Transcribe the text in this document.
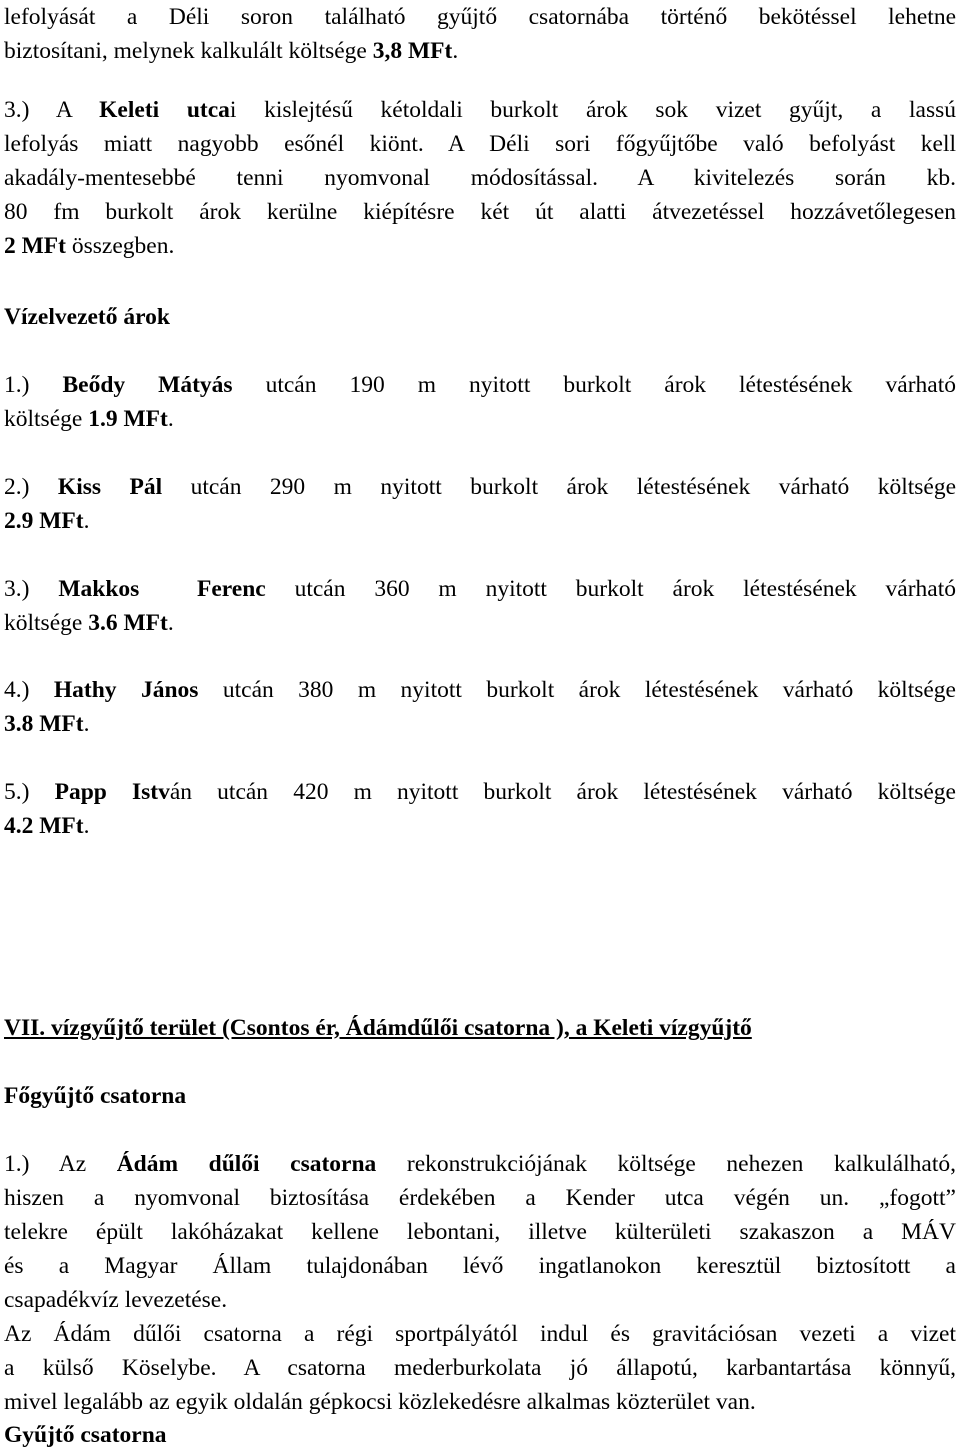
lefolyását a Déli soron található gyűjtő csatornába történő bekötéssel lehetne
biztosítani, melynek kalkulált költsége 3,8 MFt.
3.) A Keleti utcai kislejtésű kétoldali burkolt árok sok vizet gyűjt, a lassú
lefolyás miatt nagyobb esőnél kiönt. A Déli sori főgyűjtőbe való befolyást kell
akadály-mentesebbé tenni nyomvonal módosítással. A kivitelezés során kb.
80 fm burkolt árok kerülne kiépítésre két út alatti átvezetéssel hozzávetőlegesen
2 MFt összegben.
Vízelvezető árok
1.) Beődy Mátyás utcán 190 m nyitott burkolt árok létestésének várható
költsége 1.9 MFt.
2.) Kiss Pál utcán 290 m nyitott burkolt árok létestésének várható költsége
2.9 MFt.
3.) Makkos  Ferenc utcán 360 m nyitott burkolt árok létestésének várható
költsége 3.6 MFt.
4.) Hathy János utcán 380 m nyitott burkolt árok létestésének várható költsége
3.8 MFt.
5.) Papp István utcán 420 m nyitott burkolt árok létestésének várható költsége
4.2 MFt.
VII. vízgyűjtő terület (Csontos ér, Ádámdűlői csatorna ), a Keleti vízgyűjtő
Főgyűjtő csatorna
1.) Az Ádám dűlői csatorna rekonstrukciójának költsége nehezen kalkulálható,
hiszen a nyomvonal biztosítása érdekében a Kender utca végén un. „fogott”
telekre épült lakóházakat kellene lebontani, illetve külterületi szakaszon a MÁV
és a Magyar Állam tulajdonában lévő ingatlanokon keresztül biztosított a
csapadékvíz levezetése.
Az Ádám dűlői csatorna a régi sportpályától indul és gravitációsan vezeti a vizet
a külső Köselybe. A csatorna mederburkolata jó állapotú, karbantartása könnyű,
mivel legalább az egyik oldalán gépkocsi közlekedésre alkalmas közterület van.
Gyűjtő csatorna
